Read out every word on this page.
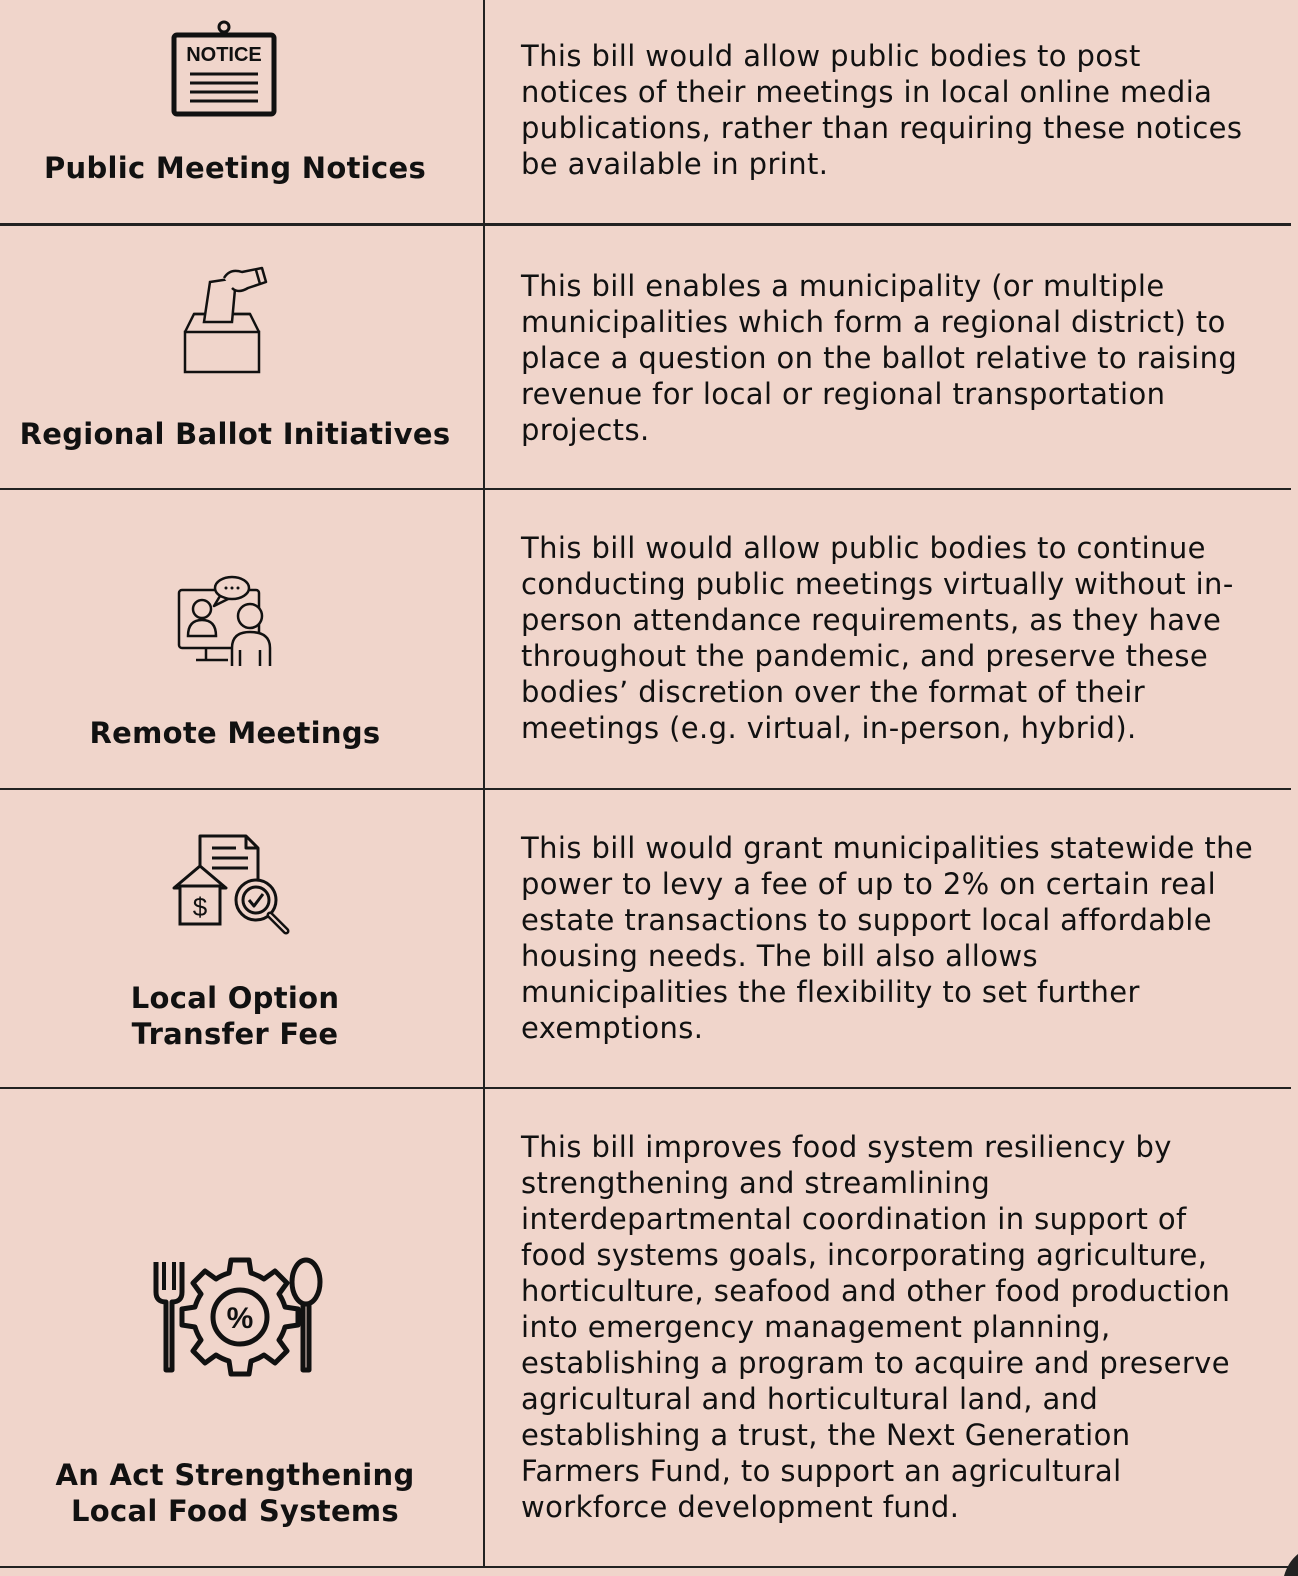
NOTICE
Public Meeting Notices
This bill would allow public bodies to post
notices of their meetings in local online media
publications, rather than requiring these notices
be available in print.
Regional Ballot Initiatives
This bill enables a municipality (or multiple
municipalities which form a regional district) to
place a question on the ballot relative to raising
revenue for local or regional transportation
projects.
Remote Meetings
This bill would allow public bodies to continue
conducting public meetings virtually without in-
person attendance requirements, as they have
throughout the pandemic, and preserve these
bodies’ discretion over the format of their
meetings (e.g. virtual, in-person, hybrid).
$
Local Option
Transfer Fee
This bill would grant municipalities statewide the
power to levy a fee of up to 2% on certain real
estate transactions to support local affordable
housing needs. The bill also allows
municipalities the flexibility to set further
exemptions.
%
An Act Strengthening
Local Food Systems
This bill improves food system resiliency by
strengthening and streamlining
interdepartmental coordination in support of
food systems goals, incorporating agriculture,
horticulture, seafood and other food production
into emergency management planning,
establishing a program to acquire and preserve
agricultural and horticultural land, and
establishing a trust, the Next Generation
Farmers Fund, to support an agricultural
workforce development fund.
